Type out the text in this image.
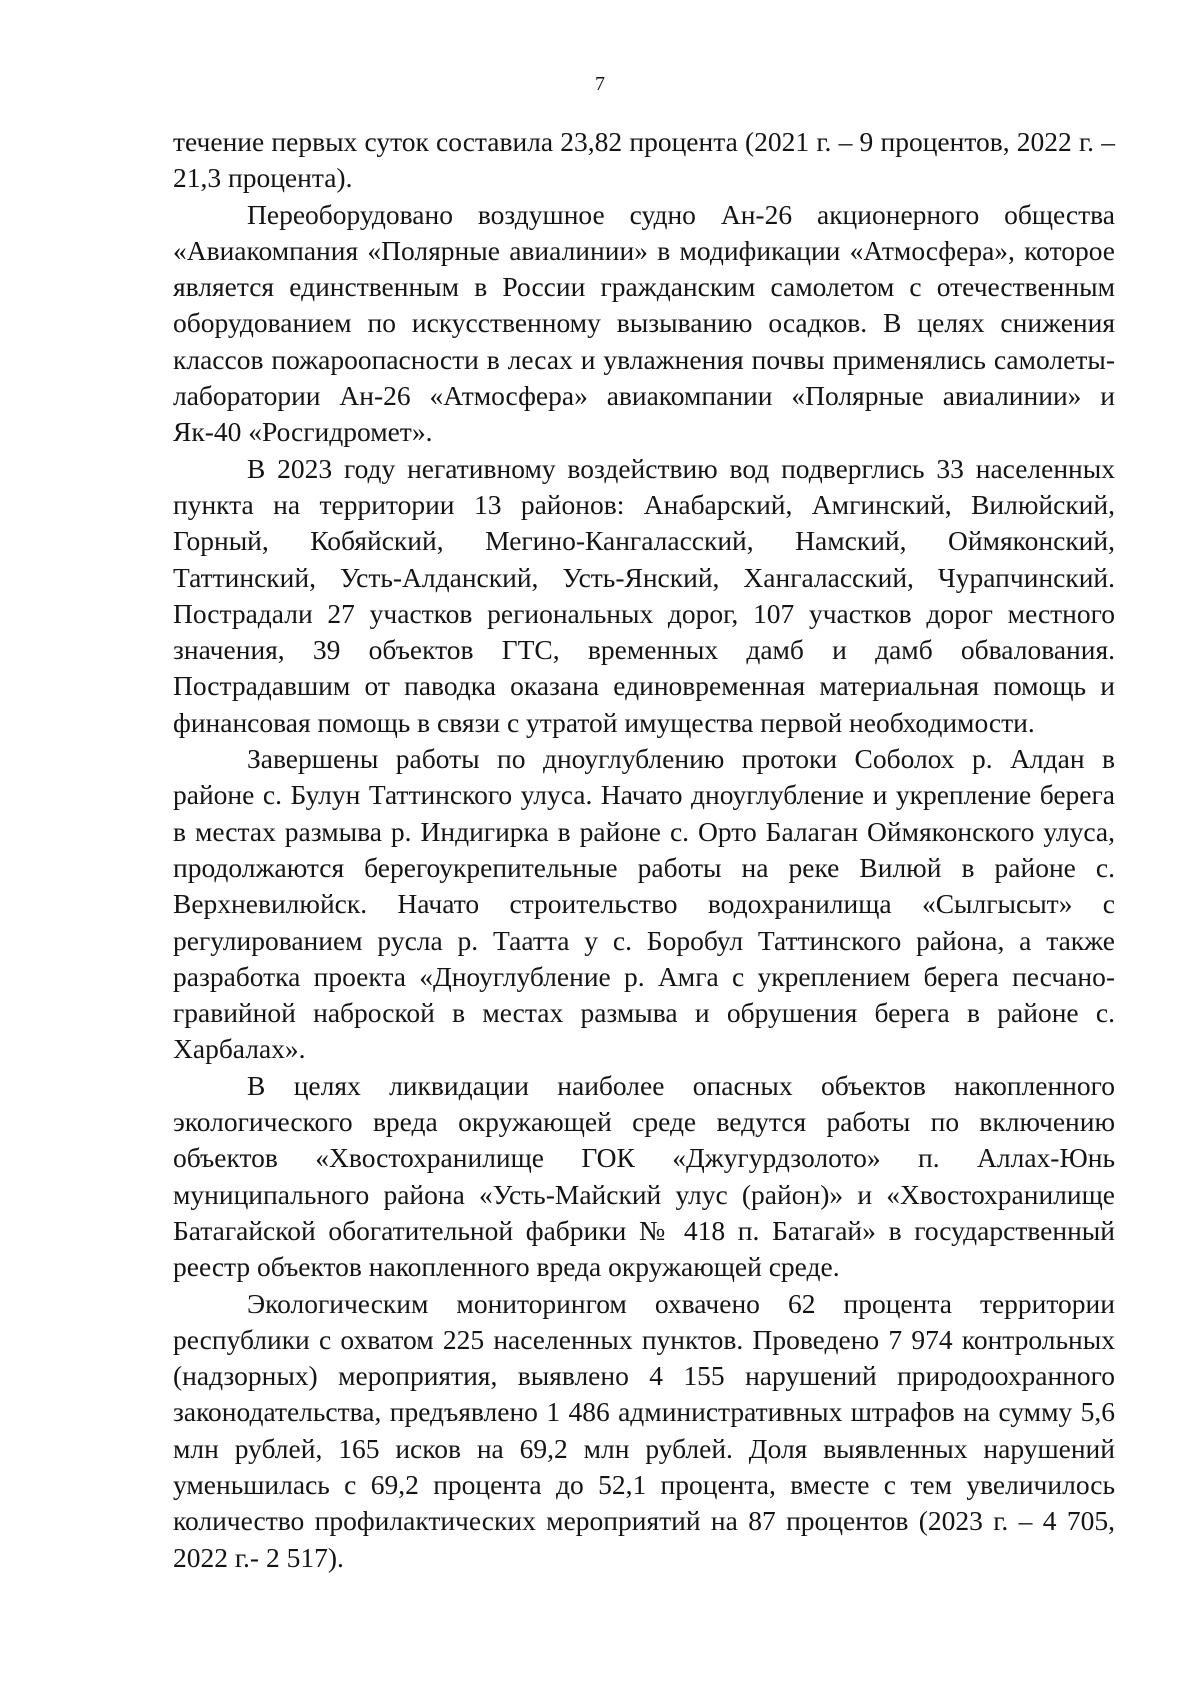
7

течение первых суток составила 23,82 процента (2021 г. – 9 процентов, 2022 г. – 21,3 процента).

Переоборудовано воздушное судно Ан-26 акционерного общества «Авиакомпания «Полярные авиалинии» в модификации «Атмосфера», которое является единственным в России гражданским самолетом с отечественным оборудованием по искусственному вызыванию осадков. В целях снижения классов пожароопасности в лесах и увлажнения почвы применялись самолеты-лаборатории Ан-26 «Атмосфера» авиакомпании «Полярные авиалинии» и Як-40 «Росгидромет».

В 2023 году негативному воздействию вод подверглись 33 населенных пункта на территории 13 районов: Анабарский, Амгинский, Вилюйский, Горный, Кобяйский, Мегино-Кангаласский, Намский, Оймяконский, Таттинский, Усть-Алданский, Усть-Янский, Хангаласский, Чурапчинский. Пострадали 27 участков региональных дорог, 107 участков дорог местного значения, 39 объектов ГТС, временных дамб и дамб обвалования. Пострадавшим от паводка оказана единовременная материальная помощь и финансовая помощь в связи с утратой имущества первой необходимости.

Завершены работы по дноуглублению протоки Соболох р. Алдан в районе с. Булун Таттинского улуса. Начато дноуглубление и укрепление берега в местах размыва р. Индигирка в районе с. Орто Балаган Оймяконского улуса, продолжаются берегоукрепительные работы на реке Вилюй в районе с. Верхневилюйск. Начато строительство водохранилища «Сылгысыт» с регулированием русла р. Таатта у с. Боробул Таттинского района, а также разработка проекта «Дноуглубление р. Амга с укреплением берега песчано-гравийной наброской в местах размыва и обрушения берега в районе с. Харбалах».

В целях ликвидации наиболее опасных объектов накопленного экологического вреда окружающей среде ведутся работы по включению объектов «Хвостохранилище ГОК «Джугурдзолото» п. Аллах-Юнь муниципального района «Усть-Майский улус (район)» и «Хвостохранилище Батагайской обогатительной фабрики № 418 п. Батагай» в государственный реестр объектов накопленного вреда окружающей среде.

Экологическим мониторингом охвачено 62 процента территории республики с охватом 225 населенных пунктов. Проведено 7 974 контрольных (надзорных) мероприятия, выявлено 4 155 нарушений природоохранного законодательства, предъявлено 1 486 административных штрафов на сумму 5,6 млн рублей, 165 исков на 69,2 млн рублей. Доля выявленных нарушений уменьшилась с 69,2 процента до 52,1 процента, вместе с тем увеличилось количество профилактических мероприятий на 87 процентов (2023 г. – 4 705, 2022 г.- 2 517).
